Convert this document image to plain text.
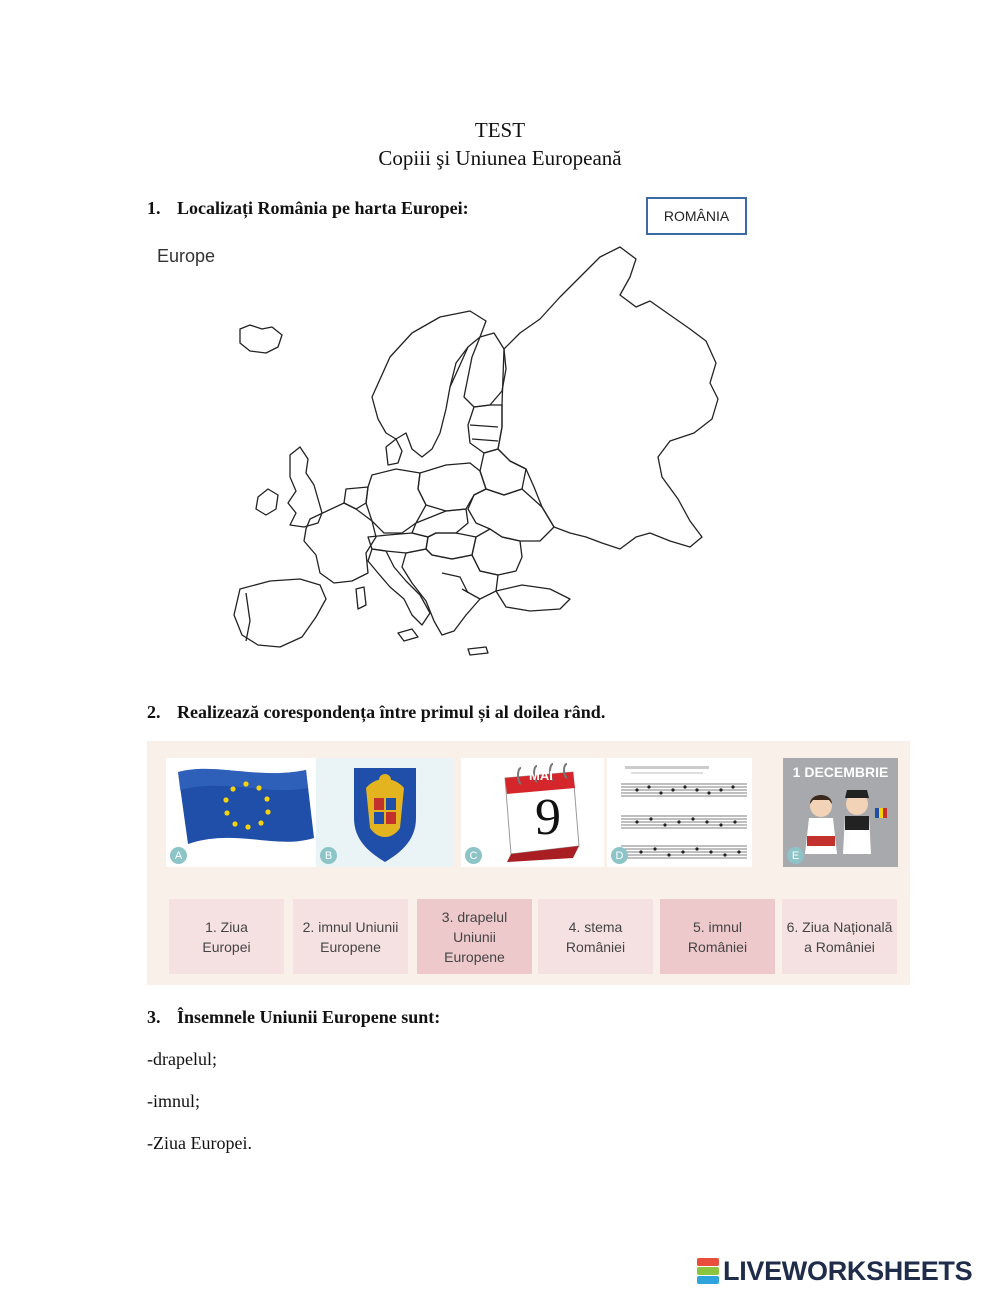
TEST
Copiii şi Uniunea Europeană
1. Localizați România pe harta Europei:	ROMÂNIA
Europe
2. Realizează corespondența între primul și al doilea rând.
A	B
MAI
9
C	D
1 DECEMBRIE
E
1. Ziua
Europei
2. imnul Uniunii
Europene
3. drapelul
Uniunii
Europene
4. stema
României
5. imnul
României
6. Ziua Națională
a României
3. Însemnele Uniunii Europene sunt:
-drapelul;
-imnul;
-Ziua Europei.
LIVEWORKSHEETS
